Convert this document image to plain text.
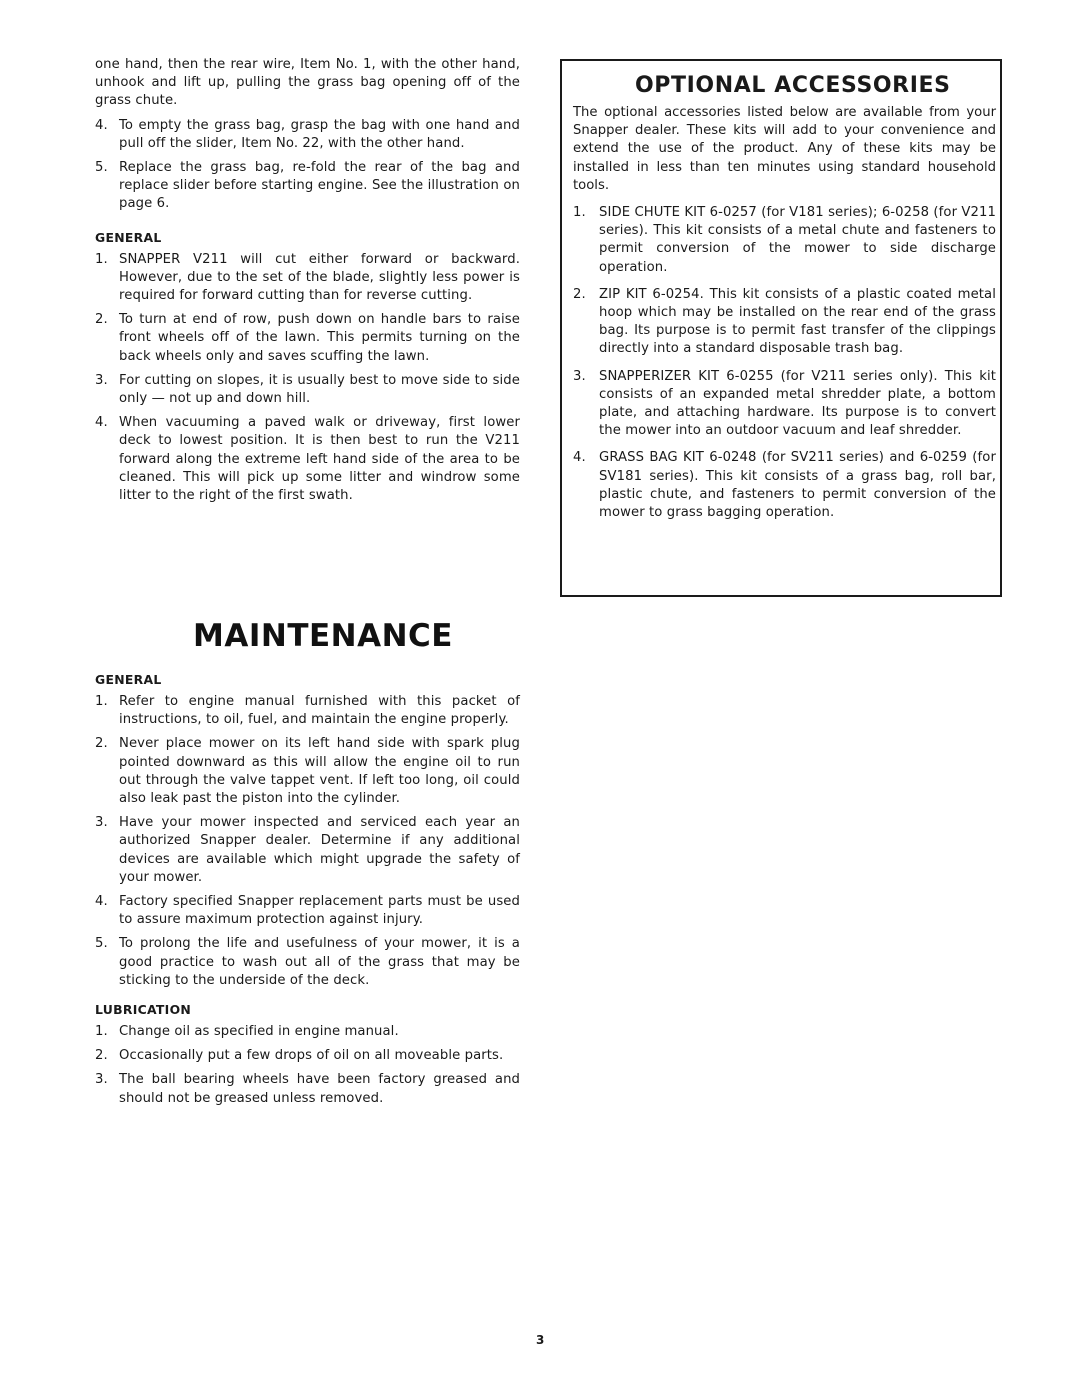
one hand, then the rear wire, Item No. 1, with the other hand, unhook and lift up, pulling the grass bag opening off of the grass chute.

4. To empty the grass bag, grasp the bag with one hand and pull off the slider, Item No. 22, with the other hand.
5. Replace the grass bag, re-fold the rear of the bag and replace slider before starting engine. See the illustration on page 6.
GENERAL
1. SNAPPER V211 will cut either forward or backward. However, due to the set of the blade, slightly less power is required for forward cutting than for reverse cutting.
2. To turn at end of row, push down on handle bars to raise front wheels off of the lawn. This permits turning on the back wheels only and saves scuffing the lawn.
3. For cutting on slopes, it is usually best to move side to side only — not up and down hill.
4. When vacuuming a paved walk or driveway, first lower deck to lowest position. It is then best to run the V211 forward along the extreme left hand side of the area to be cleaned. This will pick up some litter and windrow some litter to the right of the first swath.
MAINTENANCE
GENERAL
1. Refer to engine manual furnished with this packet of instructions, to oil, fuel, and maintain the engine properly.
2. Never place mower on its left hand side with spark plug pointed downward as this will allow the engine oil to run out through the valve tappet vent. If left too long, oil could also leak past the piston into the cylinder.
3. Have your mower inspected and serviced each year an authorized Snapper dealer. Determine if any additional devices are available which might upgrade the safety of your mower.
4. Factory specified Snapper replacement parts must be used to assure maximum protection against injury.
5. To prolong the life and usefulness of your mower, it is a good practice to wash out all of the grass that may be sticking to the underside of the deck.
LUBRICATION
1. Change oil as specified in engine manual.
2. Occasionally put a few drops of oil on all moveable parts.
3. The ball bearing wheels have been factory greased and should not be greased unless removed.
OPTIONAL ACCESSORIES

The optional accessories listed below are available from your Snapper dealer. These kits will add to your convenience and extend the use of the product. Any of these kits may be installed in less than ten minutes using standard household tools.

1.	SIDE CHUTE KIT 6-0257 (for V181 series); 6-0258 (for V211 series). This kit consists of a metal chute and fasteners to permit conversion of the mower to side discharge operation.
2.	ZIP KIT 6-0254. This kit consists of a plastic coated metal hoop which may be installed on the rear end of the grass bag. Its purpose is to permit fast transfer of the clippings directly into a standard disposable trash bag.
3.	SNAPPERIZER KIT 6-0255 (for V211 series only). This kit consists of an expanded metal shredder plate, a bottom plate, and attaching hardware. Its purpose is to convert the mower into an outdoor vacuum and leaf shredder.
4.	GRASS BAG KIT 6-0248 (for SV211 series) and 6-0259 (for SV181 series). This kit consists of a grass bag, roll bar, plastic chute, and fasteners to permit conversion of the mower to grass bagging operation.
3
